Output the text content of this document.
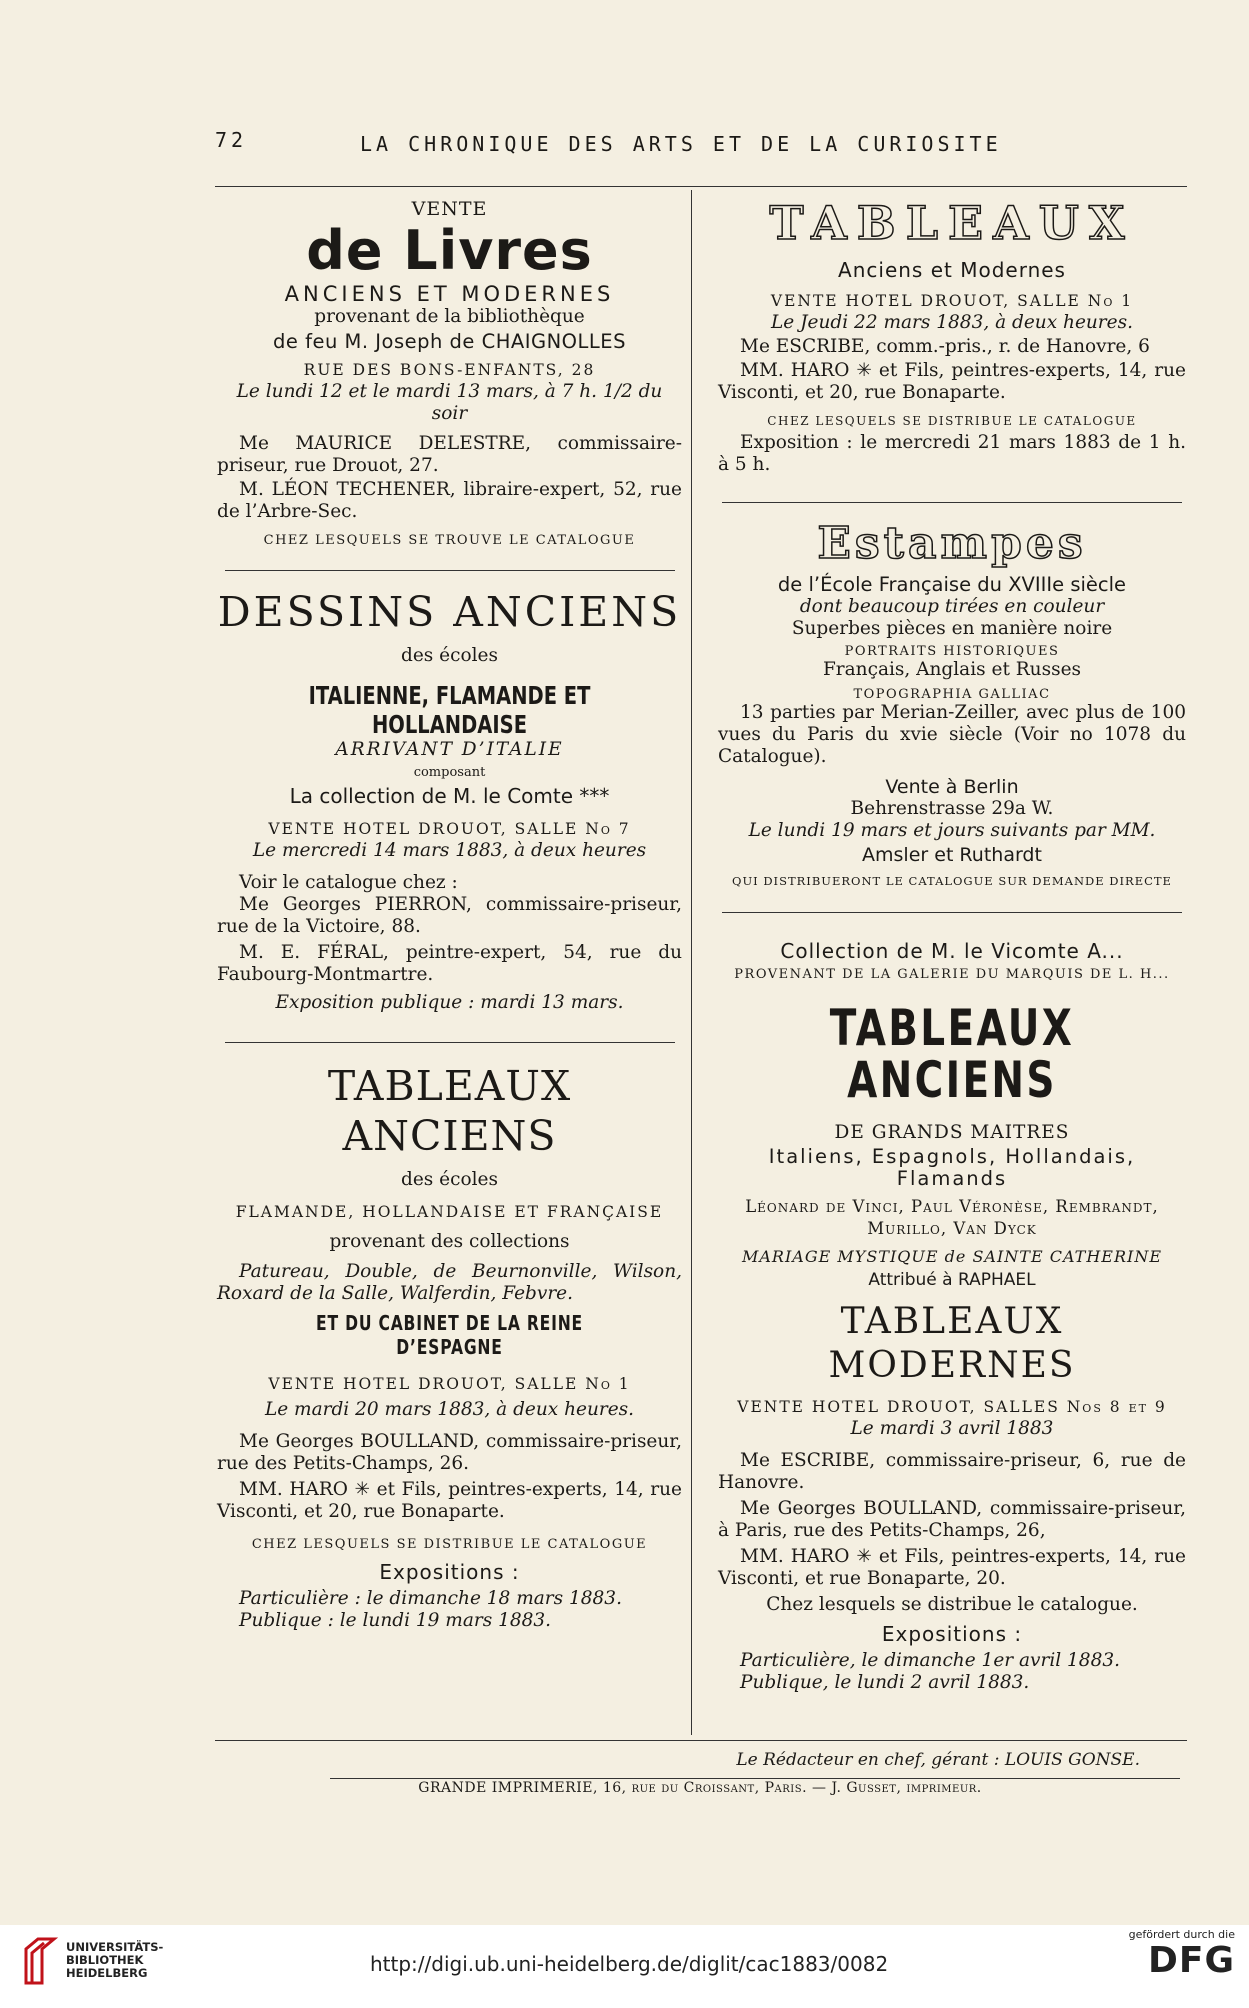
72	LA CHRONIQUE DES ARTS ET DE LA CURIOSITE

VENTE

de Livres

ANCIENS ET MODERNES

provenant de la bibliothèque

de feu M. Joseph de CHAIGNOLLES

RUE DES BONS-ENFANTS, 28

Le lundi 12 et le mardi 13 mars, à 7 h. 1/2 du soir

Me MAURICE DELESTRE, commissaire-priseur, rue Drouot, 27.

M. LÉON TECHENER, libraire-expert, 52, rue de l’Arbre-Sec.

CHEZ LESQUELS SE TROUVE LE CATALOGUE

DESSINS ANCIENS

des écoles

ITALIENNE, FLAMANDE ET HOLLANDAISE

ARRIVANT D’ITALIE

composant

La collection de M. le Comte ***

VENTE HOTEL DROUOT, SALLE No 7

Le mercredi 14 mars 1883, à deux heures

Voir le catalogue chez :

Me Georges PIERRON, commissaire-priseur, rue de la Victoire, 88.

M. E. FÉRAL, peintre-expert, 54, rue du Faubourg-Montmartre.

Exposition publique : mardi 13 mars.

TABLEAUX ANCIENS

des écoles

FLAMANDE, HOLLANDAISE ET FRANÇAISE

provenant des collections

Patureau, Double, de Beurnonville, Wilson, Roxard de la Salle, Walferdin, Febvre.

ET DU CABINET DE LA REINE D’ESPAGNE

VENTE HOTEL DROUOT, SALLE No 1

Le mardi 20 mars 1883, à deux heures.

Me Georges BOULLAND, commissaire-priseur, rue des Petits-Champs, 26.

MM. HARO ✳ et Fils, peintres-experts, 14, rue Visconti, et 20, rue Bonaparte.

CHEZ LESQUELS SE DISTRIBUE LE CATALOGUE

Expositions :

Particulière : le dimanche 18 mars 1883.

Publique : le lundi 19 mars 1883.

TABLEAUX

Anciens et Modernes

VENTE HOTEL DROUOT, SALLE No 1

Le Jeudi 22 mars 1883, à deux heures.

Me ESCRIBE, comm.-pris., r. de Hanovre, 6

MM. HARO ✳ et Fils, peintres-experts, 14, rue Visconti, et 20, rue Bonaparte.

CHEZ LESQUELS SE DISTRIBUE LE CATALOGUE

Exposition : le mercredi 21 mars 1883 de 1 h. à 5 h.

Estampes

de l’École Française du XVIIIe siècle

dont beaucoup tirées en couleur

Superbes pièces en manière noire

PORTRAITS HISTORIQUES

Français, Anglais et Russes

TOPOGRAPHIA GALLIAC

13 parties par Merian-Zeiller, avec plus de 100 vues du Paris du xvie siècle (Voir no 1078 du Catalogue).

Vente à Berlin

Behrenstrasse 29a W.

Le lundi 19 mars et jours suivants par MM.

Amsler et Ruthardt

QUI DISTRIBUERONT LE CATALOGUE SUR DEMANDE DIRECTE

Collection de M. le Vicomte A...

PROVENANT DE LA GALERIE DU MARQUIS DE L. H...

TABLEAUX ANCIENS

DE GRANDS MAITRES

Italiens, Espagnols, Hollandais, Flamands

Léonard de Vinci, Paul Véronèse, Rembrandt, Murillo, Van Dyck

MARIAGE MYSTIQUE de SAINTE CATHERINE

Attribué à RAPHAEL

TABLEAUX MODERNES

VENTE HOTEL DROUOT, SALLES Nos 8 et 9

Le mardi 3 avril 1883

Me ESCRIBE, commissaire-priseur, 6, rue de Hanovre.

Me Georges BOULLAND, commissaire-priseur, à Paris, rue des Petits-Champs, 26,

MM. HARO ✳ et Fils, peintres-experts, 14, rue Visconti, et rue Bonaparte, 20.

Chez lesquels se distribue le catalogue.

Expositions :

Particulière, le dimanche 1er avril 1883.

Publique, le lundi 2 avril 1883.

Le Rédacteur en chef, gérant : LOUIS GONSE.

GRANDE IMPRIMERIE, 16, rue du Croissant, Paris. — J. Gusset, imprimeur.

UNIVERSITÄTS- BIBLIOTHEK HEIDELBERG	http://digi.ub.uni-heidelberg.de/diglit/cac1883/0082
gefördert durch die
DFG
